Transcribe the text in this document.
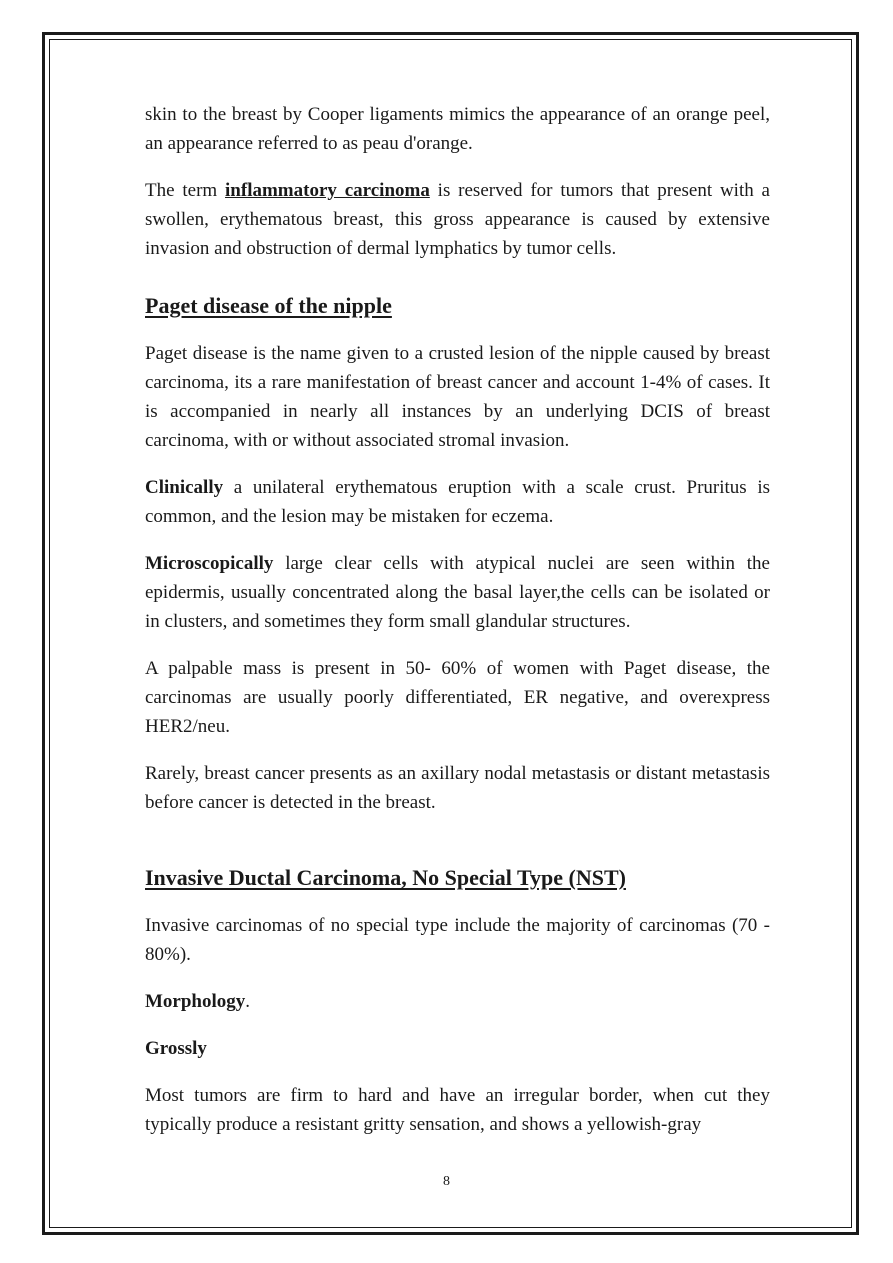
skin to the breast by Cooper ligaments mimics the appearance of an orange peel, an appearance referred to as peau d'orange.

The term inflammatory carcinoma is reserved for tumors that present with a swollen, erythematous breast, this gross appearance is caused by extensive invasion and obstruction of dermal lymphatics by tumor cells.

Paget disease of the nipple

Paget disease is the name given to a crusted lesion of the nipple caused by breast carcinoma, its a rare manifestation of breast cancer and account 1-4% of cases. It is accompanied in nearly all instances by an underlying DCIS of breast carcinoma, with or without associated stromal invasion.

Clinically a unilateral erythematous eruption with a scale crust. Pruritus is common, and the lesion may be mistaken for eczema.

Microscopically large clear cells with atypical nuclei are seen within the epidermis, usually concentrated along the basal layer,the cells can be isolated or in clusters, and sometimes they form small glandular structures.

A palpable mass is present in 50- 60% of women with Paget disease, the carcinomas are usually poorly differentiated, ER negative, and overexpress HER2/neu.

Rarely, breast cancer presents as an axillary nodal metastasis or distant metastasis before cancer is detected in the breast.

Invasive Ductal Carcinoma, No Special Type (NST)

Invasive carcinomas of no special type include the majority of carcinomas (70 - 80%).

Morphology.

Grossly

Most tumors are firm to hard and have an irregular border, when cut they typically produce a resistant gritty sensation, and shows a yellowish-gray

8
